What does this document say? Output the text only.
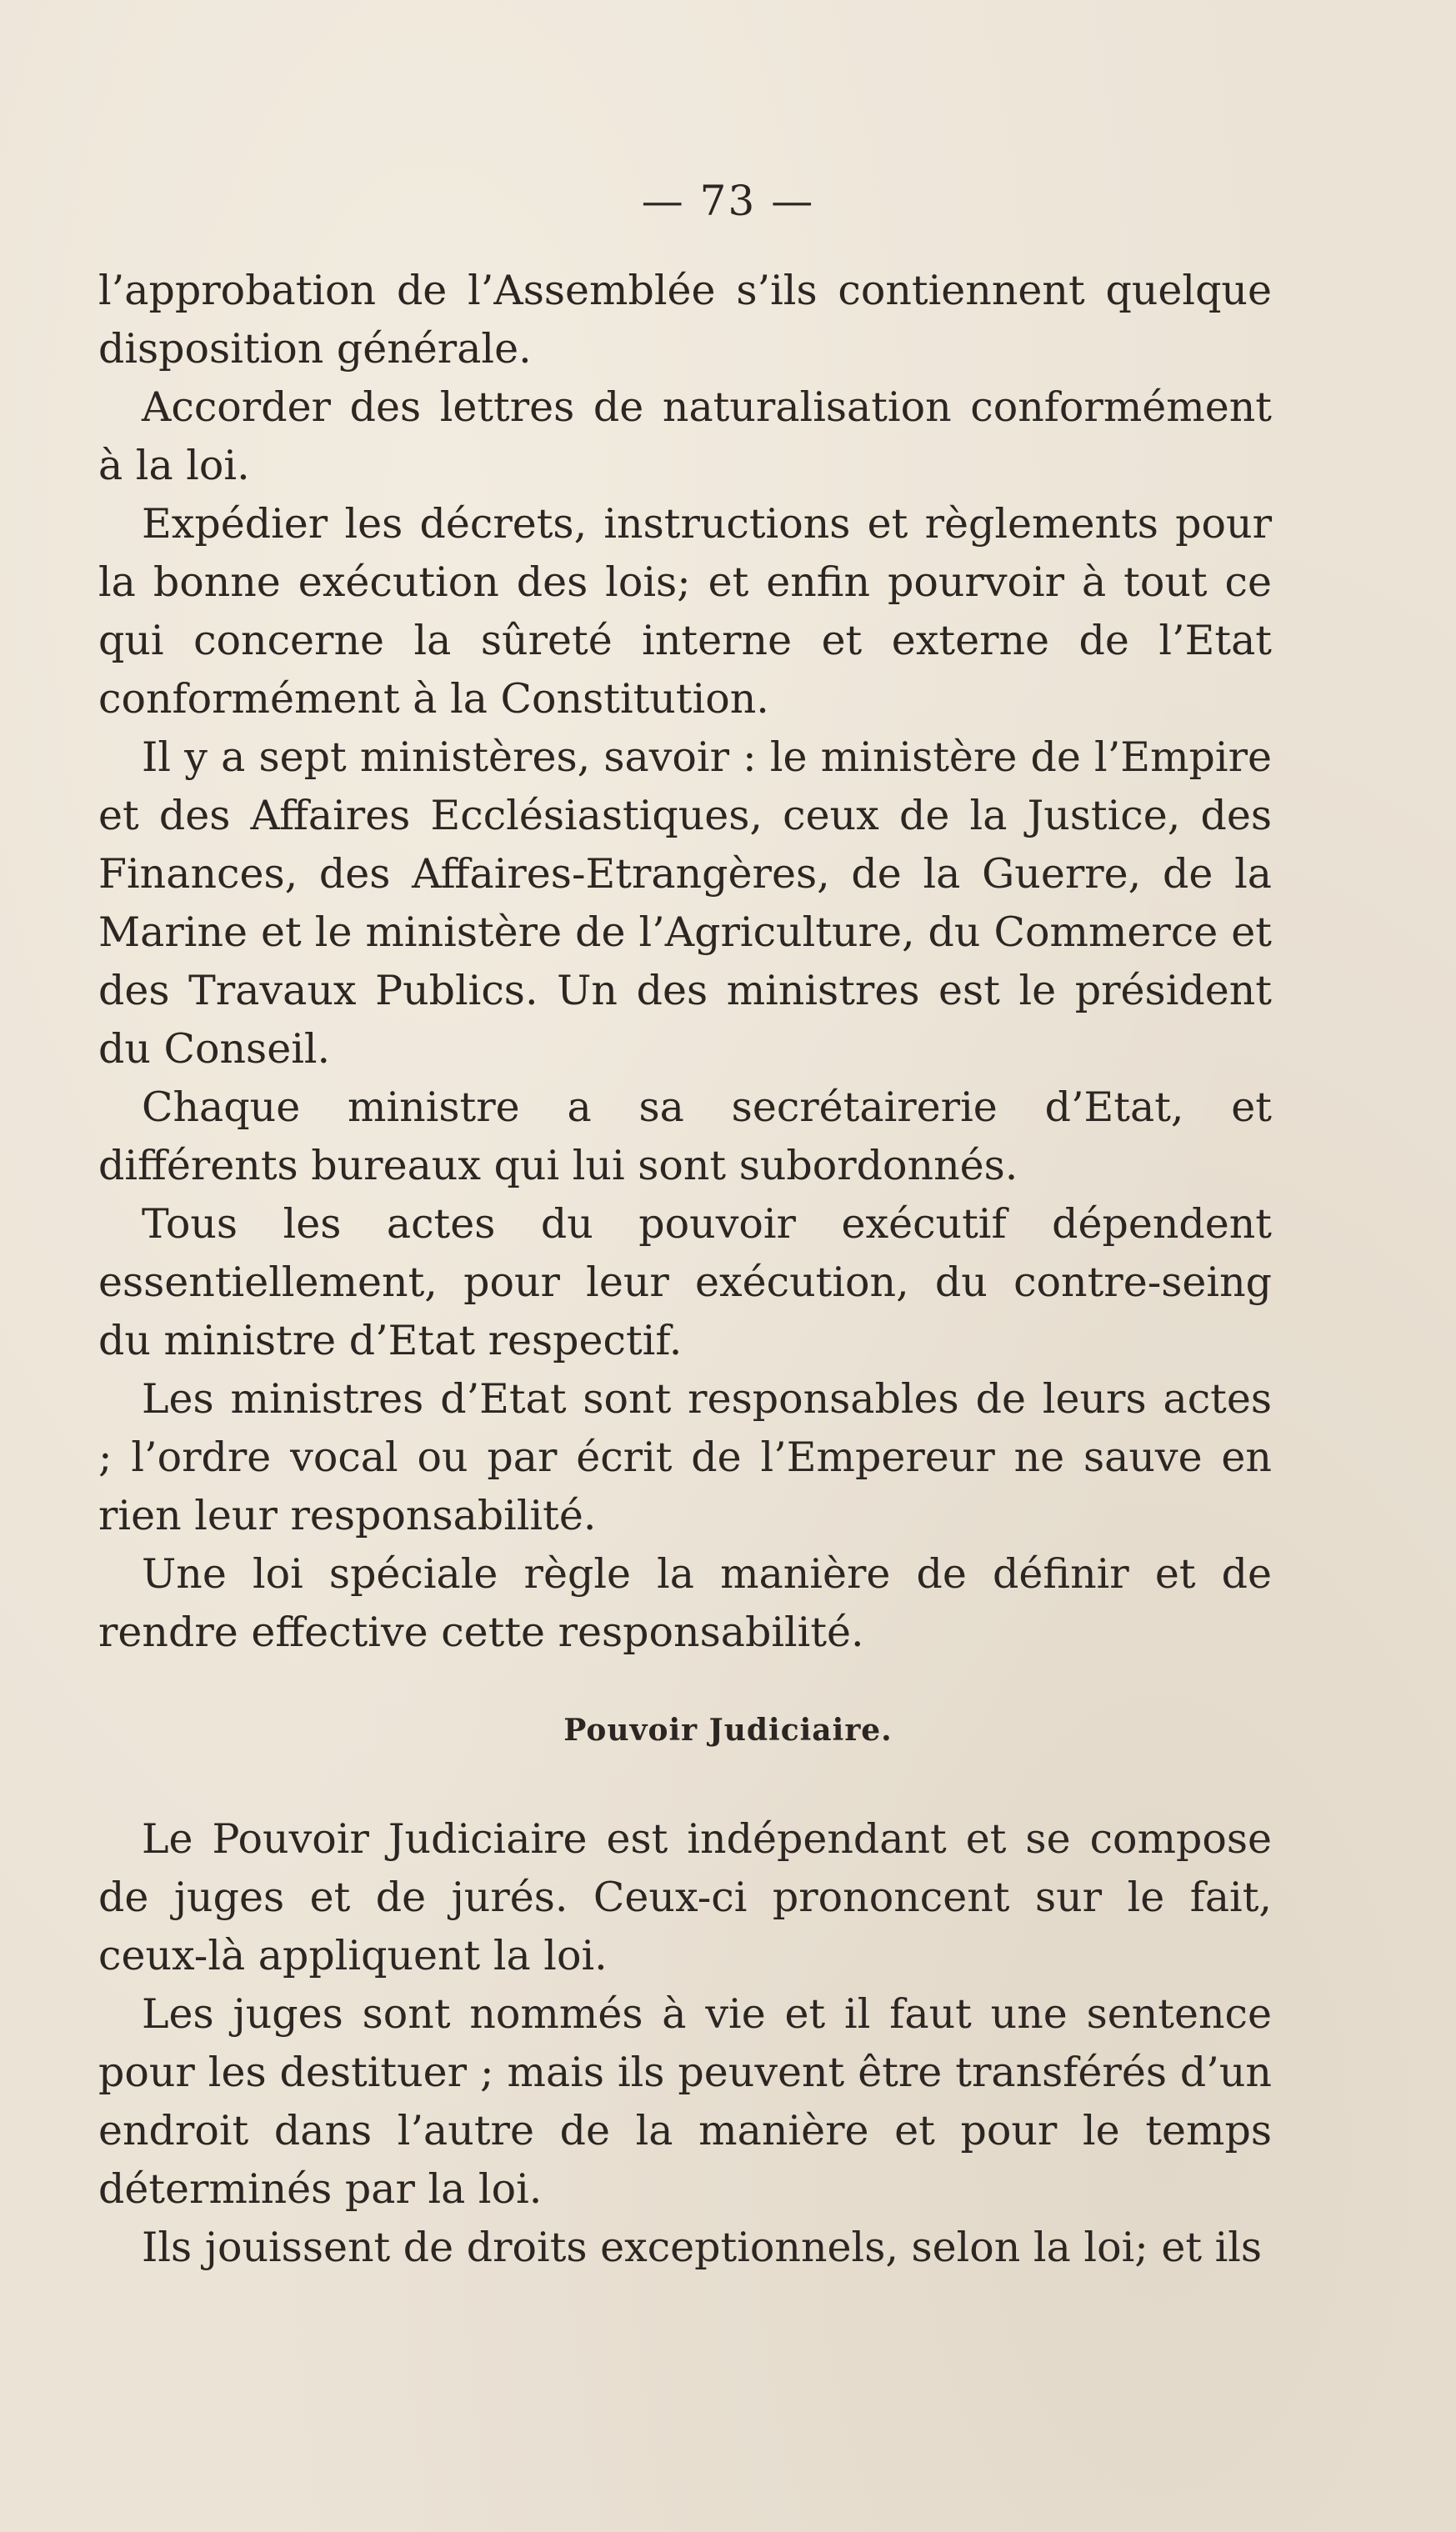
— 73 —

l’approbation de l’Assemblée s’ils contiennent quelque disposition générale.

Accorder des lettres de naturalisation conformément à la loi.

Expédier les décrets, instructions et règlements pour la bonne exécution des lois; et enfin pourvoir à tout ce qui concerne la sûreté interne et externe de l’Etat conformément à la Constitution.

Il y a sept ministères, savoir : le ministère de l’Empire et des Affaires Ecclésiastiques, ceux de la Justice, des Finances, des Affaires-Etrangères, de la Guerre, de la Marine et le ministère de l’Agriculture, du Commerce et des Travaux Publics. Un des ministres est le président du Conseil.

Chaque ministre a sa secrétairerie d’Etat, et différents bureaux qui lui sont subordonnés.

Tous les actes du pouvoir exécutif dépendent essentiellement, pour leur exécution, du contre-seing du ministre d’Etat respectif.

Les ministres d’Etat sont responsables de leurs actes ; l’ordre vocal ou par écrit de l’Empereur ne sauve en rien leur responsabilité.

Une loi spéciale règle la manière de définir et de rendre effective cette responsabilité.

Pouvoir Judiciaire.

Le Pouvoir Judiciaire est indépendant et se compose de juges et de jurés. Ceux-ci prononcent sur le fait, ceux-là appliquent la loi.

Les juges sont nommés à vie et il faut une sentence pour les destituer ; mais ils peuvent être transférés d’un endroit dans l’autre de la manière et pour le temps déterminés par la loi.

Ils jouissent de droits exceptionnels, selon la loi; et ils
